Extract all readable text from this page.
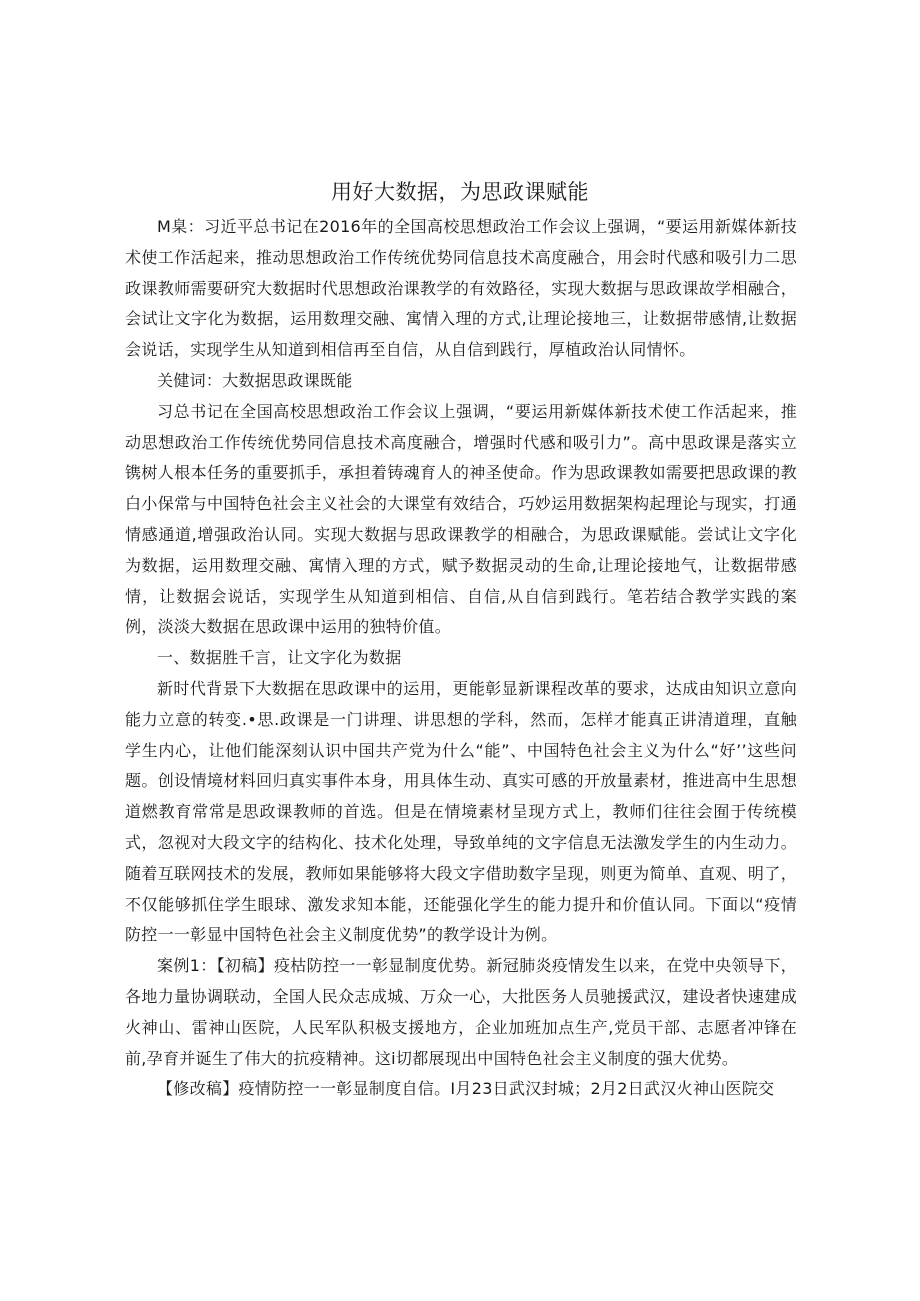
用好大数据，为思政课赋能

M臬：习近平总书记在2016年的全国高校思想政治工作会议上强调，“要运用新媒体新技术使工作活起来，推动思想政治工作传统优势同信息技术高度融合，用会时代感和吸引力二思政课教师需要研究大数据时代思想政治课教学的有效路径，实现大数据与思政课故学相融合，会试让文字化为数据，运用数理交融、寓情入理的方式,让理论接地三，让数据带感情,让数据会说话，实现学生从知道到相信再至自信，从自信到践行，厚植政治认同情怀。

关健词：大数据思政课既能

习总书记在全国高校思想政治工作会议上强调，“要运用新媒体新技术使工作活起来，推动思想政治工作传统优势同信息技术高度融合，增强时代感和吸引力”。高中思政课是落实立镌树人根本任务的重要抓手，承担着铸魂育人的神圣使命。作为思政课教如需要把思政课的教白小保常与中国特色社会主义社会的大课堂有效结合，巧妙运用数据架构起理论与现实，打通情感通道,增强政治认同。实现大数据与思政课教学的相融合，为思政课赋能。尝试让文字化为数据，运用数理交融、寓情入理的方式，赋予数据灵动的生命,让理论接地气，让数据带感情，让数据会说话，实现学生从知道到相信、自信,从自信到践行。笔若结合教学实践的案例，淡淡大数据在思政课中运用的独特价值。

一、数据胜千言，让文字化为数据

新时代背景下大数据在思政课中的运用，更能彰显新课程改革的要求，达成由知识立意向能力立意的转变.•思.政课是一门讲理、讲思想的学科，然而，怎样才能真正讲清道理，直触学生内心，让他们能深刻认识中国共产党为什么“能”、中国特色社会主义为什么“好’’这些问题。创设情境材料回归真实事件本身，用具体生动、真实可感的开放量素材，推进高中生思想道燃教育常常是思政课教师的首选。但是在情境素材呈现方式上，教师们往往会囿于传统模式，忽视对大段文字的结构化、技术化处理，导致单纯的文字信息无法激发学生的内生动力。随着互联网技术的发展，教师如果能够将大段文字借助数字呈现，则更为简单、直观、明了，不仅能够抓住学生眼球、激发求知本能，还能强化学生的能力提升和价值认同。下面以“疫情防控一一彰显中国特色社会主义制度优势”的教学设计为例。

案例1：【初稿】疫枯防控一一彰显制度优势。新冠肺炎疫情发生以来，在党中央领导下，各地力量协调联动，全国人民众志成城、万众一心，大批医务人员驰援武汉，建设者快速建成火神山、雷神山医院，人民军队积极支援地方，企业加班加点生产,党员干部、志愿者冲锋在前,孕育并诞生了伟大的抗疫精神。这i切都展现出中国特色社会主义制度的强大优势。

【修改稿】疫情防控一一彰显制度自信。I月23日武汉封城；2月2日武汉火神山医院交
